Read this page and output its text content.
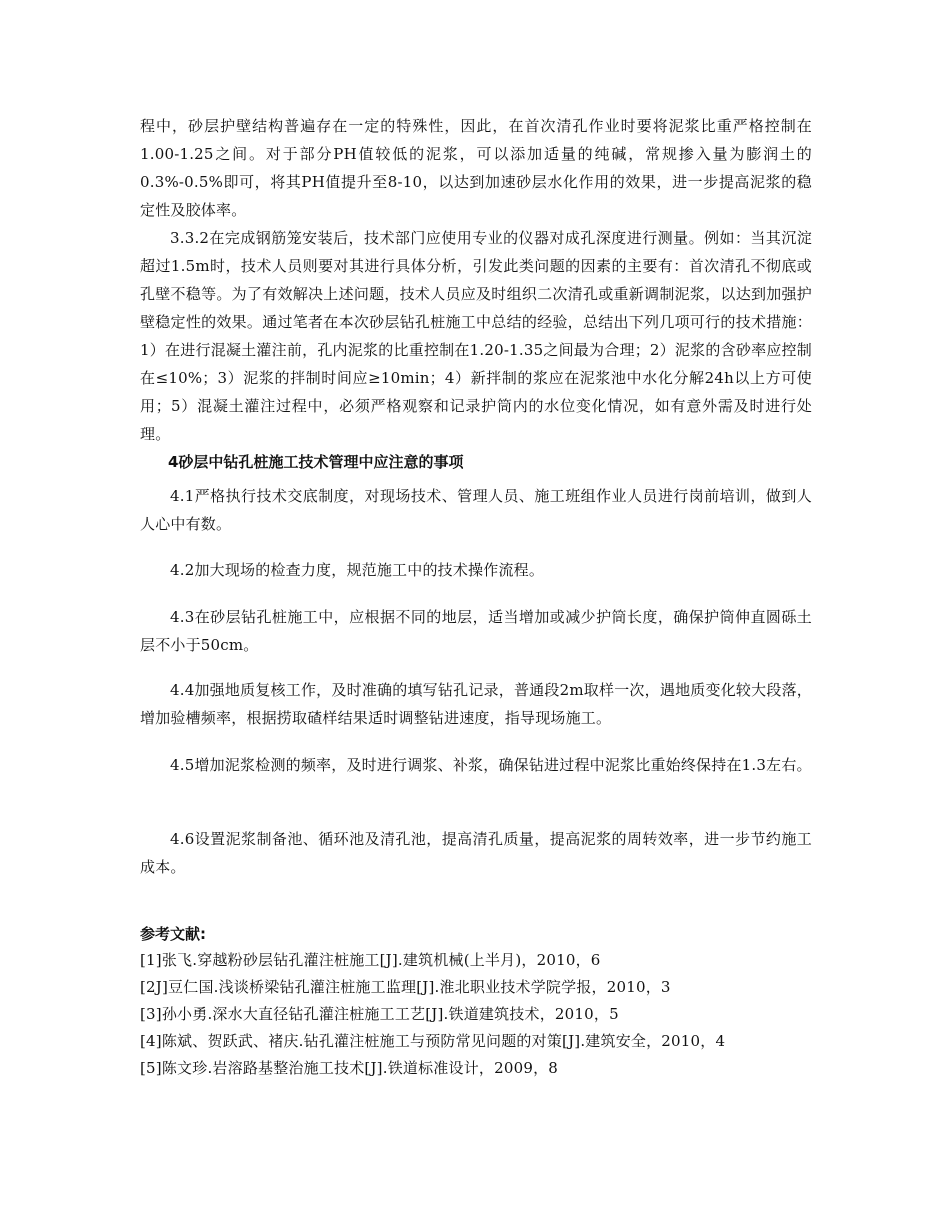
程中，砂层护壁结构普遍存在一定的特殊性，因此，在首次清孔作业时要将泥浆比重严格控制在1.00-1.25之间。对于部分PH值较低的泥浆，可以添加适量的纯碱，常规掺入量为膨润土的0.3%-0.5%即可，将其PH值提升至8-10，以达到加速砂层水化作用的效果，进一步提高泥浆的稳定性及胶体率。

3.3.2在完成钢筋笼安装后，技术部门应使用专业的仪器对成孔深度进行测量。例如：当其沉淀超过1.5m时，技术人员则要对其进行具体分析，引发此类问题的因素的主要有：首次清孔不彻底或孔壁不稳等。为了有效解决上述问题，技术人员应及时组织二次清孔或重新调制泥浆，以达到加强护壁稳定性的效果。通过笔者在本次砂层钻孔桩施工中总结的经验，总结出下列几项可行的技术措施：1）在进行混凝土灌注前，孔内泥浆的比重控制在1.20-1.35之间最为合理；2）泥浆的含砂率应控制在≤10%；3）泥浆的拌制时间应≥10min；4）新拌制的浆应在泥浆池中水化分解24h以上方可使用；5）混凝土灌注过程中，必须严格观察和记录护筒内的水位变化情况，如有意外需及时进行处理。

4砂层中钻孔桩施工技术管理中应注意的事项

4.1严格执行技术交底制度，对现场技术、管理人员、施工班组作业人员进行岗前培训，做到人人心中有数。

4.2加大现场的检查力度，规范施工中的技术操作流程。

4.3在砂层钻孔桩施工中，应根据不同的地层，适当增加或减少护筒长度，确保护筒伸直圆砾土层不小于50cm。

4.4加强地质复核工作，及时准确的填写钻孔记录，普通段2m取样一次，遇地质变化较大段落，增加验槽频率，根据捞取碴样结果适时调整钻进速度，指导现场施工。

4.5增加泥浆检测的频率，及时进行调浆、补浆，确保钻进过程中泥浆比重始终保持在1.3左右。

4.6设置泥浆制备池、循环池及清孔池，提高清孔质量，提高泥浆的周转效率，进一步节约施工成本。

参考文献:

[1]张飞.穿越粉砂层钻孔灌注桩施工[J].建筑机械(上半月)，2010，6
[2J]豆仁国.浅谈桥梁钻孔灌注桩施工监理[J].淮北职业技术学院学报，2010，3
[3]孙小勇.深水大直径钻孔灌注桩施工工艺[J].铁道建筑技术，2010，5
[4]陈斌、贺跃武、褚庆.钻孔灌注桩施工与预防常见问题的对策[J].建筑安全，2010，4
[5]陈文珍.岩溶路基整治施工技术[J].铁道标准设计，2009，8
